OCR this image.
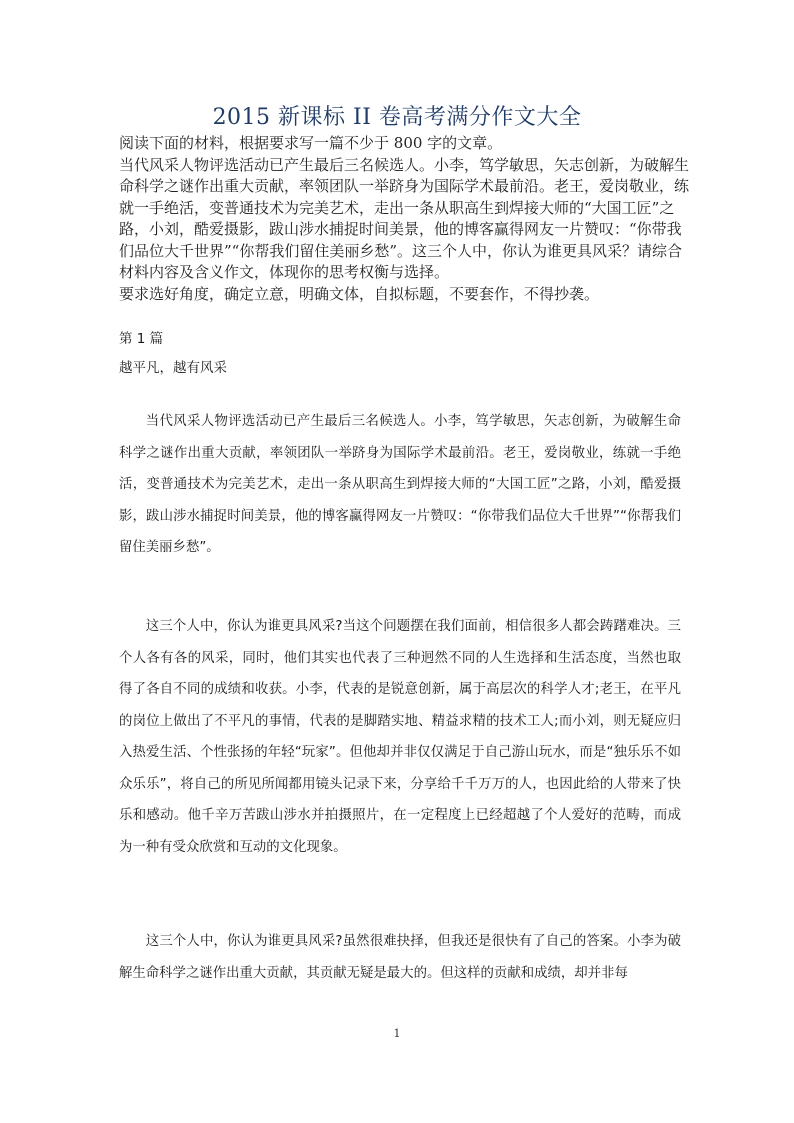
2015 新课标 II 卷高考满分作文大全

阅读下面的材料，根据要求写一篇不少于 800 字的文章。

当代风采人物评选活动已产生最后三名候选人。小李，笃学敏思，矢志创新，为破解生命科学之谜作出重大贡献，率领团队一举跻身为国际学术最前沿。老王，爱岗敬业，练就一手绝活，变普通技术为完美艺术，走出一条从职高生到焊接大师的“大国工匠”之路，小刘，酷爱摄影，跋山涉水捕捉时间美景，他的博客赢得网友一片赞叹：“你带我们品位大千世界”“你帮我们留住美丽乡愁”。这三个人中，你认为谁更具风采？请综合材料内容及含义作文，体现你的思考权衡与选择。

要求选好角度，确定立意，明确文体，自拟标题，不要套作，不得抄袭。

第 1 篇
越平凡，越有风采

当代风采人物评选活动已产生最后三名候选人。小李，笃学敏思，矢志创新，为破解生命科学之谜作出重大贡献，率领团队一举跻身为国际学术最前沿。老王，爱岗敬业，练就一手绝活，变普通技术为完美艺术，走出一条从职高生到焊接大师的“大国工匠”之路，小刘，酷爱摄影，跋山涉水捕捉时间美景，他的博客赢得网友一片赞叹：“你带我们品位大千世界”“你帮我们留住美丽乡愁”。

这三个人中，你认为谁更具风采?当这个问题摆在我们面前，相信很多人都会踌躇难决。三个人各有各的风采，同时，他们其实也代表了三种迥然不同的人生选择和生活态度，当然也取得了各自不同的成绩和收获。小李，代表的是锐意创新，属于高层次的科学人才;老王，在平凡的岗位上做出了不平凡的事情，代表的是脚踏实地、精益求精的技术工人;而小刘，则无疑应归入热爱生活、个性张扬的年轻“玩家”。但他却并非仅仅满足于自己游山玩水，而是“独乐乐不如众乐乐”，将自己的所见所闻都用镜头记录下来，分享给千千万万的人，也因此给的人带来了快乐和感动。他千辛万苦跋山涉水并拍摄照片，在一定程度上已经超越了个人爱好的范畴，而成为一种有受众欣赏和互动的文化现象。

这三个人中，你认为谁更具风采?虽然很难抉择，但我还是很快有了自己的答案。小李为破解生命科学之谜作出重大贡献，其贡献无疑是最大的。但这样的贡献和成绩，却并非每

1
